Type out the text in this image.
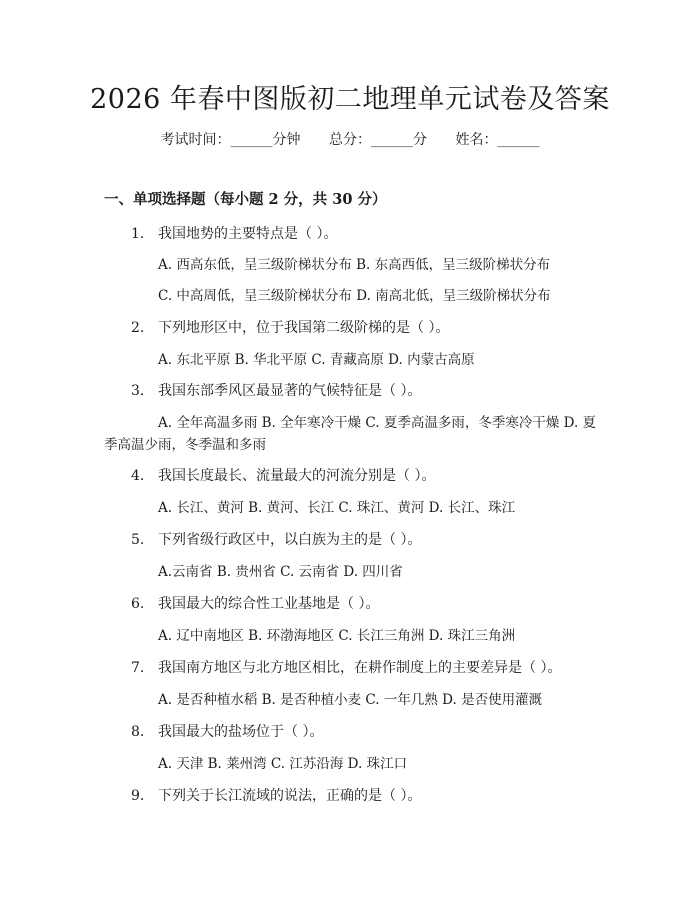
2026 年春中图版初二地理单元试卷及答案
考试时间：______分钟 总分：______分 姓名：______
一、单项选择题（每小题 2 分，共 30 分）
1. 我国地势的主要特点是（ ）。
A. 西高东低，呈三级阶梯状分布 B. 东高西低，呈三级阶梯状分布
C. 中高周低，呈三级阶梯状分布 D. 南高北低，呈三级阶梯状分布
2. 下列地形区中，位于我国第二级阶梯的是（ ）。
A. 东北平原 B. 华北平原 C. 青藏高原 D. 内蒙古高原
3. 我国东部季风区最显著的气候特征是（ ）。
A. 全年高温多雨 B. 全年寒冷干燥 C. 夏季高温多雨，冬季寒冷干燥 D. 夏季高温少雨，冬季温和多雨
4. 我国长度最长、流量最大的河流分别是（ ）。
A. 长江、黄河 B. 黄河、长江 C. 珠江、黄河 D. 长江、珠江
5. 下列省级行政区中，以白族为主的是（ ）。
A.云南省 B. 贵州省 C. 云南省 D. 四川省
6. 我国最大的综合性工业基地是（ ）。
A. 辽中南地区 B. 环渤海地区 C. 长江三角洲 D. 珠江三角洲
7. 我国南方地区与北方地区相比，在耕作制度上的主要差异是（ ）。
A. 是否种植水稻 B. 是否种植小麦 C. 一年几熟 D. 是否使用灌溉
8. 我国最大的盐场位于（ ）。
A. 天津 B. 莱州湾 C. 江苏沿海 D. 珠江口
9. 下列关于长江流域的说法，正确的是（ ）。
